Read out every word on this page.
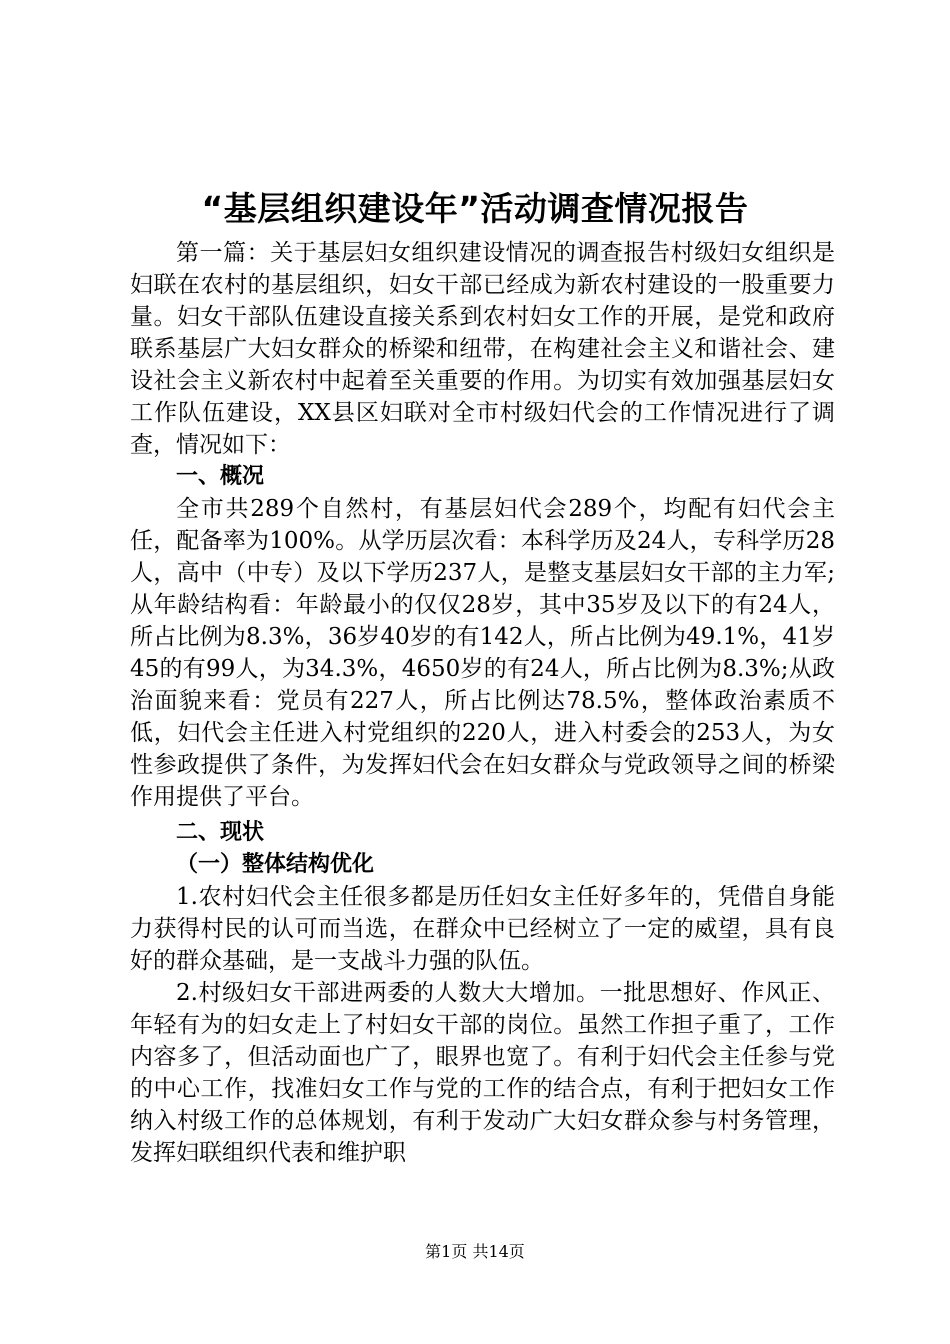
“基层组织建设年”活动调查情况报告

第一篇：关于基层妇女组织建设情况的调查报告村级妇女组织是妇联在农村的基层组织，妇女干部已经成为新农村建设的一股重要力量。妇女干部队伍建设直接关系到农村妇女工作的开展，是党和政府联系基层广大妇女群众的桥梁和纽带，在构建社会主义和谐社会、建设社会主义新农村中起着至关重要的作用。为切实有效加强基层妇女工作队伍建设，XX县区妇联对全市村级妇代会的工作情况进行了调查，情况如下：

一、概况

全市共289个自然村，有基层妇代会289个，均配有妇代会主任，配备率为100%。从学历层次看：本科学历及24人，专科学历28人，高中（中专）及以下学历237人，是整支基层妇女干部的主力军;从年龄结构看：年龄最小的仅仅28岁，其中35岁及以下的有24人，所占比例为8.3%，36岁40岁的有142人，所占比例为49.1%，41岁45的有99人，为34.3%，4650岁的有24人，所占比例为8.3%;从政治面貌来看：党员有227人，所占比例达78.5%，整体政治素质不低，妇代会主任进入村党组织的220人，进入村委会的253人，为女性参政提供了条件，为发挥妇代会在妇女群众与党政领导之间的桥梁作用提供了平台。

二、现状

（一）整体结构优化

1.农村妇代会主任很多都是历任妇女主任好多年的，凭借自身能力获得村民的认可而当选，在群众中已经树立了一定的威望，具有良好的群众基础，是一支战斗力强的队伍。

2.村级妇女干部进两委的人数大大增加。一批思想好、作风正、年轻有为的妇女走上了村妇女干部的岗位。虽然工作担子重了，工作内容多了，但活动面也广了，眼界也宽了。有利于妇代会主任参与党的中心工作，找准妇女工作与党的工作的结合点，有利于把妇女工作纳入村级工作的总体规划，有利于发动广大妇女群众参与村务管理，发挥妇联组织代表和维护职

第1页 共14页
